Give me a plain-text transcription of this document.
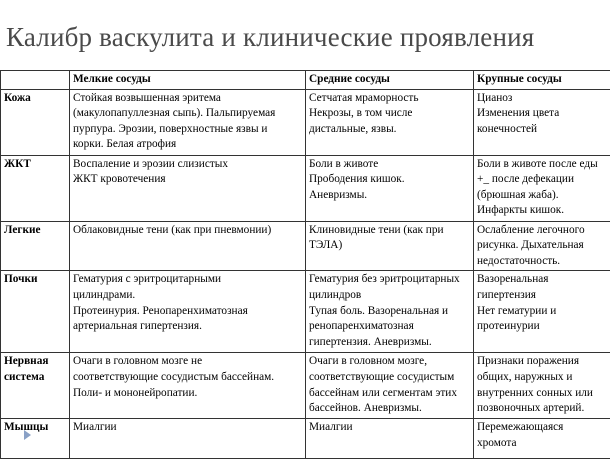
Калибр васкулита и клинические проявления
	Мелкие сосуды	Средние сосуды	Крупные сосуды
Кожа	Стойкая возвышенная эритема
(макулопапуллезная сыпь). Пальпируемая
пурпура. Эрозии, поверхностные язвы и
корки. Белая атрофия	Сетчатая мраморность
Некрозы, в том числе
дистальные, язвы.	Цианоз
Изменения цвета
конечностей

ЖКТ	Воспаление и эрозии слизистых
ЖКТ кровотечения	Боли в животе
Прободения кишок.
Аневризмы.	Боли в животе после еды
+_ после дефекации
(брюшная жаба).
Инфаркты кишок.

Легкие	Облаковидные тени (как при пневмонии)	Клиновидные тени (как при
ТЭЛА)	Ослабление легочного
рисунка. Дыхательная
недостаточность.

Почки	Гематурия с эритроцитарными
цилиндрами.
Протеинурия. Ренопаренхиматозная
артериальная гипертензия.	Гематурия без эритроцитарных
цилиндров
Тупая боль. Вазоренальная и
ренопаренхиматозная
гипертензия. Аневризмы.	Вазоренальная
гипертензия
Нет гематурии и
протеинурии

Нервная
система	Очаги в головном мозге не
соответствующие сосудистым бассейнам.
Поли- и мононейропатии.	Очаги в головном мозге,
соответствующие сосудистым
бассейнам или сегментам этих
бассейнов. Аневризмы.	Признаки поражения
общих, наружных и
внутренних сонных или
позвоночных артерий.

Мышцы	Миалгии	Миалгии	Перемежающаяся
хромота
